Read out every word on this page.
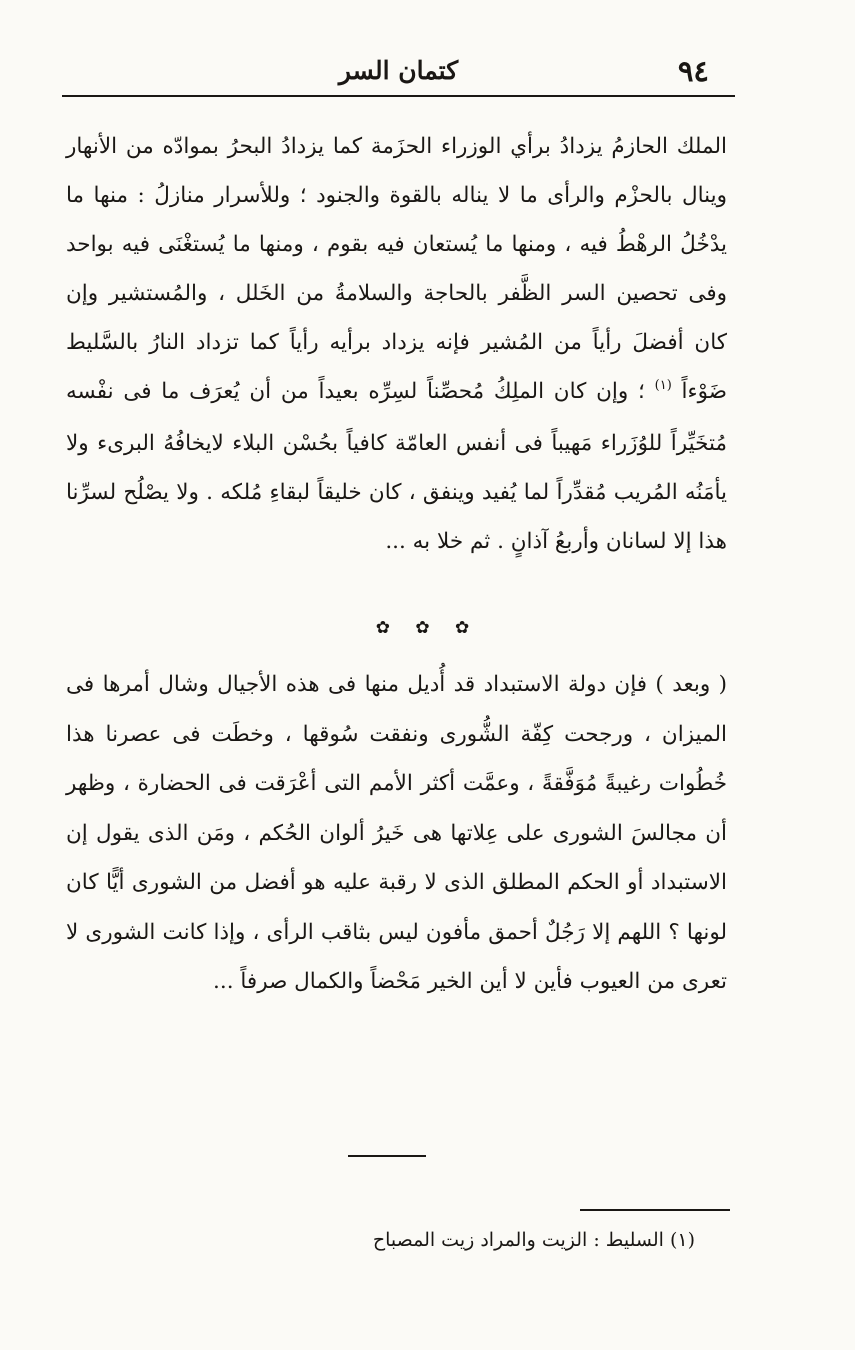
٩٤
كتمان السر

الملك الحازمُ يزدادُ برأي الوزراء الحزَمة كما يزدادُ البحرُ بموادّه من الأنهار وينال بالحزْم والرأى ما لا يناله بالقوة والجنود ؛ وللأسرار منازلُ : منها ما يدْخُلُ الرهْطُ فيه ، ومنها ما يُستعان فيه بقوم ، ومنها ما يُستغْنَى فيه بواحد وفى تحصين السر الظَّفر بالحاجة والسلامةُ من الخَلل ، والمُستشير وإن كان أفضلَ رأياً من المُشير فإنه يزداد برأيه رأياً كما تزداد النارُ بالسَّليط ضَوْءاً $^{(١)}$ ؛ وإن كان الملِكُ مُحصِّناً لسِرِّه بعيداً من أن يُعرَف ما فى نفْسه مُتخَيِّراً للوُزَراء مَهيباً فى أنفس العامّة كافياً بحُسْن البلاء لايخافُهُ البرىء ولا يأمَنُه المُريب مُقدِّراً لما يُفيد وينفق ، كان خليقاً لبقاءِ مُلكه . ولا يصْلُح لسرِّنا هذا إلا لسانان وأربعُ آذانٍ . ثم خلا به ...

✿ ✿ ✿

( وبعد ) فإن دولة الاستبداد قد أُديل منها فى هذه الأجيال وشال أمرها فى الميزان ، ورجحت كِفّة الشُّورى ونفقت سُوقها ، وخطَت فى عصرنا هذا خُطُوات رغيبةً مُوَفَّقةً ، وعمَّت أكثر الأمم التى أعْرَقت فى الحضارة ، وظهر أن مجالسَ الشورى على عِلاتها هى خَيرُ ألوان الحُكم ، ومَن الذى يقول إن الاستبداد أو الحكم المطلق الذى لا رقبة عليه هو أفضل من الشورى أيًّا كان لونها ؟ اللهم إلا رَجُلٌ أحمق مأفون ليس بثاقب الرأى ، وإذا كانت الشورى لا تعرى من العيوب فأين لا أين الخير مَحْضاً والكمال صرفاً ...

(١) السليط : الزيت والمراد زيت المصباح
